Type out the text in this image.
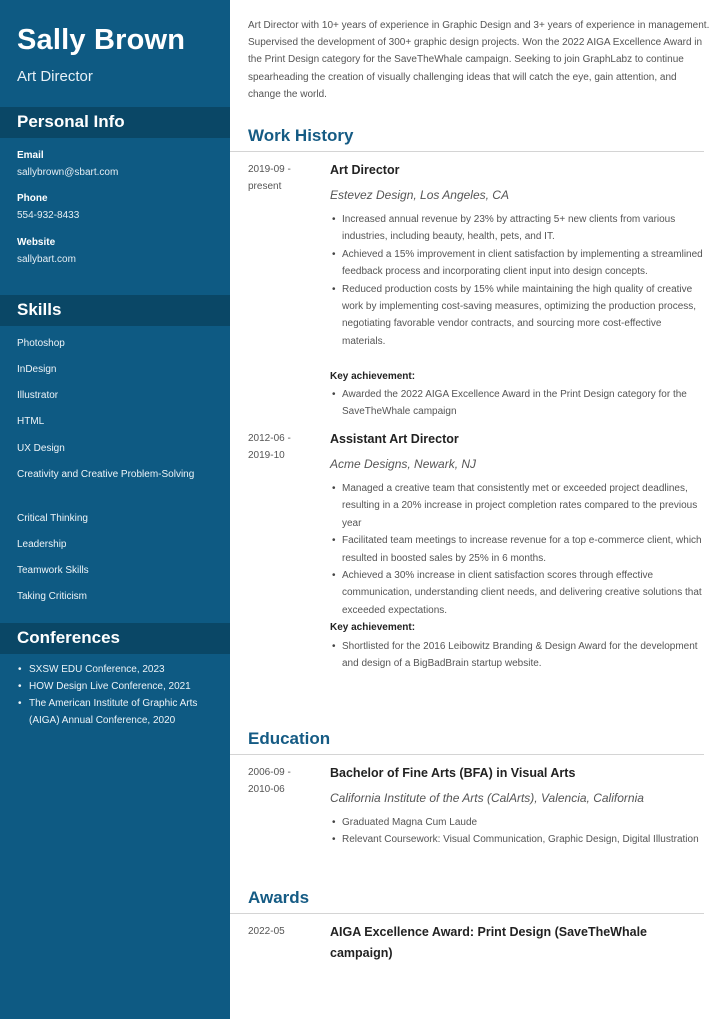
Sally Brown
Art Director
Personal Info
Email
sallybrown@sbart.com
Phone
554-932-8433
Website
sallybart.com
Skills
Photoshop
InDesign
Illustrator
HTML
UX Design
Creativity and Creative Problem-Solving
Critical Thinking
Leadership
Teamwork Skills
Taking Criticism
Conferences
• SXSW EDU Conference, 2023
• HOW Design Live Conference, 2021
• The American Institute of Graphic Arts (AIGA) Annual Conference, 2020
Art Director with 10+ years of experience in Graphic Design and 3+ years of experience in management. Supervised the development of 300+ graphic design projects. Won the 2022 AIGA Excellence Award in the Print Design category for the SaveTheWhale campaign. Seeking to join GraphLabz to continue spearheading the creation of visually challenging ideas that will catch the eye, gain attention, and change the world.
Work History
2019-09 - present
Art Director
Estevez Design, Los Angeles, CA
• Increased annual revenue by 23% by attracting 5+ new clients from various industries, including beauty, health, pets, and IT.
• Achieved a 15% improvement in client satisfaction by implementing a streamlined feedback process and incorporating client input into design concepts.
• Reduced production costs by 15% while maintaining the high quality of creative work by implementing cost-saving measures, optimizing the production process, negotiating favorable vendor contracts, and sourcing more cost-effective materials.
Key achievement:
• Awarded the 2022 AIGA Excellence Award in the Print Design category for the SaveTheWhale campaign
2012-06 - 2019-10
Assistant Art Director
Acme Designs, Newark, NJ
• Managed a creative team that consistently met or exceeded project deadlines, resulting in a 20% increase in project completion rates compared to the previous year
• Facilitated team meetings to increase revenue for a top e-commerce client, which resulted in boosted sales by 25% in 6 months.
• Achieved a 30% increase in client satisfaction scores through effective communication, understanding client needs, and delivering creative solutions that exceeded expectations.
Key achievement:
• Shortlisted for the 2016 Leibowitz Branding & Design Award for the development and design of a BigBadBrain startup website.
Education
2006-09 - 2010-06
Bachelor of Fine Arts (BFA) in Visual Arts
California Institute of the Arts (CalArts), Valencia, California
• Graduated Magna Cum Laude
• Relevant Coursework: Visual Communication, Graphic Design, Digital Illustration
Awards
2022-05	AIGA Excellence Award: Print Design (SaveTheWhale campaign)
